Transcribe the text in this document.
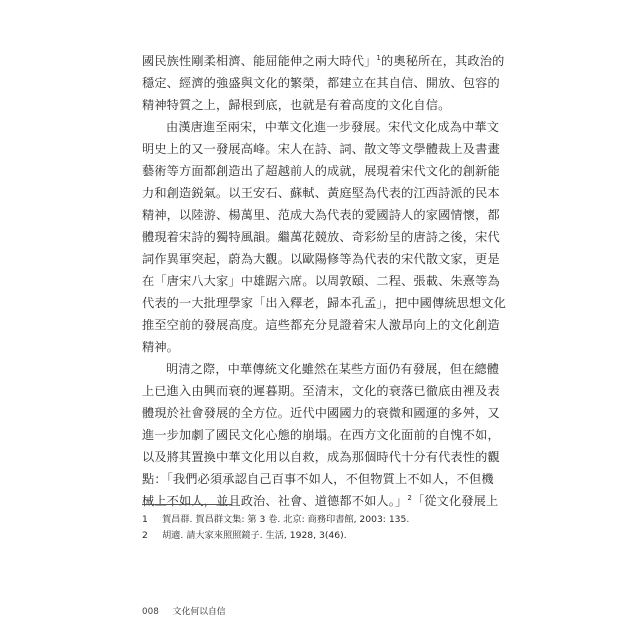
國民族性剛柔相濟、能屈能伸之兩大時代」$^1$的奧秘所在，其政治的
穩定、經濟的強盛與文化的繁榮，都建立在其自信、開放、包容的
精神特質之上，歸根到底，也就是有着高度的文化自信。
由漢唐進至兩宋，中華文化進一步發展。宋代文化成為中華文
明史上的又一發展高峰。宋人在詩、詞、散文等文學體裁上及書畫
藝術等方面都創造出了超越前人的成就，展現着宋代文化的創新能
力和創造鋭氣。以王安石、蘇軾、黃庭堅為代表的江西詩派的民本
精神，以陸游、楊萬里、范成大為代表的愛國詩人的家國情懷，都
體現着宋詩的獨特風韻。繼萬花競放、奇彩紛呈的唐詩之後，宋代
詞作異軍突起，蔚為大觀。以歐陽修等為代表的宋代散文家，更是
在「唐宋八大家」中雄踞六席。以周敦頤、二程、張載、朱熹等為
代表的一大批理學家「出入釋老，歸本孔孟」，把中國傳統思想文化
推至空前的發展高度。這些都充分見證着宋人激昂向上的文化創造
精神。
明清之際，中華傳統文化雖然在某些方面仍有發展，但在總體
上已進入由興而衰的遲暮期。至清末，文化的衰落已徹底由裡及表
體現於社會發展的全方位。近代中國國力的衰微和國運的多舛，又
進一步加劇了國民文化心態的崩塌。在西方文化面前的自愧不如，
以及將其置換中華文化用以自救，成為那個時代十分有代表性的觀
點：「我們必須承認自己百事不如人，不但物質上不如人，不但機
械上不如人，並且政治、社會、道德都不如人。」$^2$「從文化發展上
1 賀昌群. 賀昌群文集: 第 3 卷. 北京: 商務印書館, 2003: 135.
2 胡適. 請大家來照照鏡子. 生活, 1928, 3(46).
008 文化何以自信
